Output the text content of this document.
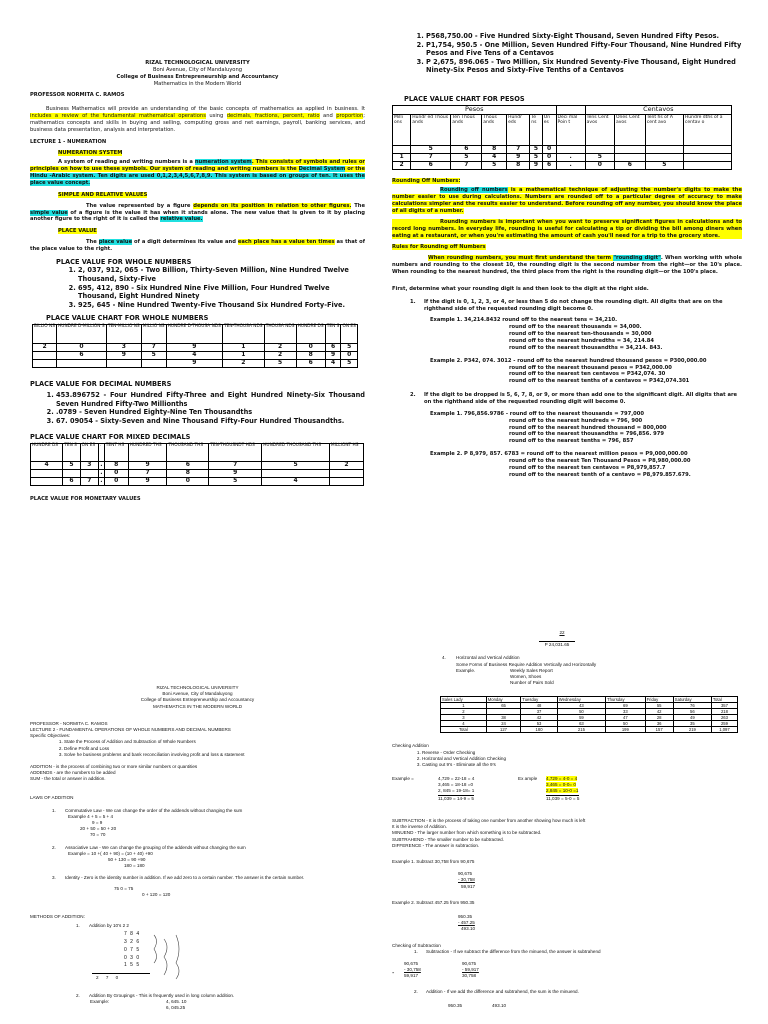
RIZAL TECHNOLOGICAL UNIVERSITY
Boni Avenue, City of Mandaluyong
College of Business Entrepreneurship and Accountancy
Mathematics in the Modern World
PROFESSOR NORMITA C. RAMOS

Business Mathematics will provide an understanding of the basic concepts of mathematics as applied in business. It includes a review of the fundamental mathematical operations using decimals, fractions, percent, ratio and proportion; mathematics concepts and skills in buying and selling, computing gross and net earnings, payroll, banking services, and business data presentation, analysis and interpretation.

LECTURE 1 - NUMERATION
NUMERATION SYSTEM

A system of reading and writing numbers is a numeration system. This consists of symbols and rules or principles on how to use these symbols. Our system of reading and writing numbers is the Decimal System or the Hindu -Arabic system. Ten digits are used 0,1,2,3,4,5,6,7,8,9. This system is based on groups of ten. It uses the place value concept.

SIMPLE AND RELATIVE VALUES

The value represented by a figure depends on its position in relation to other figures. The simple value of a figure is the value it has when it stands alone. The new value that is given to it by placing another figure to the right of it is called the relative value.

PLACE VALUE

The place value of a digit determines its value and each place has a value ten times as that of the place value to the right.

PLACE VALUE FOR WHOLE NUMBERS
1. 2, 037, 912, 065 - Two Billion, Thirty-Seven Million, Nine Hundred Twelve Thousand, Sixty-Five
2. 695, 412, 890 - Six Hundred Nine Five Million, Four Hundred Twelve Thousand, Eight Hundred Ninety
3. 925, 645 - Nine Hundred Twenty-Five Thousand Six Hundred Forty-Five.
PLACE VALUE CHART FOR WHOLE NUMBERS
BILLIO NS	HUNDRE D-MILLION S	TEN-MILLIO NS	MILLIO NS	HUNDRE D-THOUSA NDS	TEN-THOUSA NDS	THOUSA NDS	HUNDRE DS	TEN S	ON ES
2	0	3	7	9	1	2	0	6	5
	6	9	5	4	1	2	8	9	0
				9	2	5	6	4	5
PLACE VALUE FOR DECIMAL NUMBERS
1. 453.896752 - Four Hundred Fifty-Three and Eight Hundred Ninety-Six Thousand Seven Hundred Fifty-Two Millionths
2. .0789 - Seven Hundred Eighty-Nine Ten Thousandths
3. 67. 09054 - Sixty-Seven and Nine Thousand Fifty-Four Hundred Thousandths.
PLACE VALUE CHART FOR MIXED DECIMALS
HUNDRE DS	TEN S	ON ES	.	TENT HS	HUNDRED THS	THOUSAND THS	TEN-THOUSNDT HDS	HUNDRED THOUSAND THS	MILLIONT HS
4	5	3	.	8	9	6	7	5	2
			.	0	7	8	9		
	6	7	.	0	9	0	5	4	
PLACE VALUE FOR MONETARY VALUES
1. P568,750.00 - Five Hundred Sixty-Eight Thousand, Seven Hundred Fifty Pesos.
2. P1,754, 950.5 - One Million, Seven Hundred Fifty-Four Thousand, Nine Hundred Fifty Pesos and Five Tens of a Centavos
3. P 2,675, 896.065 - Two Million, Six Hundred Seventy-Five Thousand, Eight Hundred Ninety-Six Pesos and Sixty-Five Tenths of a Centavos
PLACE VALUE CHART FOR PESOS
Pesos								Centavos			
Milli ons	Hundr ed Thous ands	Ten Thous ands	Thous ands	Hundr eds	Te ns	On es	Deci mal Poin t	Tens Cent avos	Ones Cent avos	Tent hs of A cent avo	Hundre dths of a centav o
	5	6	8	7	5	0					
1	7	5	4	9	5	0	.	5			
2	6	7	5	8	9	6	.	0	6	5	
Rounding Off Numbers:

Rounding off numbers is a mathematical technique of adjusting the number's digits to make the number easier to use during calculations. Numbers are rounded off to a particular degree of accuracy to make calculations simpler and the results easier to understand. Before rounding off any number, you should know the place of all digits of a number.

Rounding numbers is important when you want to preserve significant figures in calculations and to record long numbers. In everyday life, rounding is useful for calculating a tip or dividing the bill among diners when eating at a restaurant, or when you're estimating the amount of cash you'll need for a trip to the grocery store.

Rules for Rounding off Numbers

When rounding numbers, you must first understand the term "rounding digit". When working with whole numbers and rounding to the closest 10, the rounding digit is the second number from the right—or the 10's place. When rounding to the nearest hundred, the third place from the right is the rounding digit—or the 100's place.

First, determine what your rounding digit is and then look to the digit at the right side.
1.	If the digit is 0, 1, 2, 3, or 4, or less than 5 do not change the rounding digit. All digits that are on the righthand side of the requested rounding digit become 0.
Example 1. 34,214.8432 round off to the nearest tens = 34,210.
round off to the nearest thousands = 34,000.
round off to the nearest ten-thousands = 30,000
round off to the nearest hundredths = 34, 214.84
round off to the nearest thousandths = 34,214. 843.
Example 2. P342, 074. 3012 - round off to the nearest hundred thousand pesos = P300,000.00
round off to the nearest thousand pesos = P342,000.00
round off to the nearest ten centavos = P342,074. 30
round off to the nearest tenths of a centavos = P342,074.301
2.	If the digit to be dropped is 5, 6, 7, 8, or 9, or more than add one to the significant digit. All digits that are on the righthand side of the requested rounding digit will become 0.
Example 1. 796,856.9786 - round off to the nearest thousands = 797,000
round off to the nearest hundreds = 796, 900
round off to the nearest hundred thousand = 800,000
round off to the nearest thousandths = 796,856. 979
round off to the nearest tenths = 796, 857
Example 2. P 8,979, 857. 6783 = round off to the nearest million pesos = P9,000,000.00
round off to the nearest Ten Thousand Pesos = P8,980,000.00
round off to the nearest ten centavos = P8,979,857.7
round off to the nearest tenth of a centavo = P8,979.857.679.
RIZAL TECHNOLOGICAL UNIVERSITY
Boni Avenue, City of Mandaluyong
College of Business Entrepreneurship and Accountancy
MATHEMATICS IN THE MODERN WORLD
PROFESSOR - NORMITA C. RAMOS
LECTURE 2 - FUNDAMENTAL OPERATIONS OF WHOLE NUMBERS AND DECIMAL NUMBERS
Specific Objectives:
1. State the Process of Addition and Subtraction of Whole Numbers
2. Define Profit and Loss
3. Solve he business problems and bank reconciliation involving profit and loss & statement
ADDITION - is the process of combining two or more similar numbers or quantities
ADDENDS - are the numbers to be added
SUM - the total or answer in addition.
LAWS OF ADDITION
1.	Commutative Law - We can change the order of the addends without changing the sum
Example 4 + 5 = 5 + 4
9 = 9
20 + 50 = 50 + 20
70 = 70
2.	Associative Law - We can change the grouping of the addends without changing the sum
Example = 10 +( 40 + 90) = (10 + 40) +90
50 + 130 = 90 +90
180 = 180
3.	Identity - Zero is the identity number in addition. If we add zero to a certain number. The answer is the certain number.
75 0 = 75
0 + 120 = 120
METHODS OF ADDITION:
1.	Addition by 10's 2 2
7 8 4
3 2 6
0 7 5
0 3 0
1 5 5
2 7 0
2.	Addition By Groupings - This is frequently used in long column addition.
Example:	4, 645. 10
6, 045.25
22
P 24,031.65
4.	Horizontal and Vertical Addition
Some Forms of Business Require Addition Vertically and Horizontally
Example.	Weekly Sales Report
Women, Shoes
Number of Pairs Sold
Sales Lady	Monday	Tuesday	Wednesday	Thursday	Friday	Saturday	Total
1	65	48	43	69	55	76	357
2		37	50	33	42	56	218
3	38	42	59	47	28	49	263
4	24	53	63	50	36	35	259
Total	127	180	215	199	157	219	1,097
Checking Addition
1. Reverse - Order Checking
2. Horizontal and Vertical Addition Checking
3. Casting out 9's - Eliminate all the 9's
Example =	4,729 = 22-18 = 4
3,465 = 18-18 =0
2, 845 = 19-18= 1
11,039 = 14-9 = 5
Ex ample 4,729 = 4-0 = 4
3,465 = 0-0= 0
2,845 = 10-0 =1
11,039 = 5-0 = 5
SUBTRACTION - It is the process of taking one number from another showing how much is left
It is the inverse of Addition.
MINUEND - The larger number from which something is to be subtracted.
SUBTRAHEND - The smaller number to be subtracted.
DIFFERENCE - The answer in subtraction.
Example 1. Subtract 30,758 from 90,675
90,675
- 30,758
59,917
Example 2. Subtract 457.25 from 950.35
950.35
- 457.25
493.10
Checking of Subtraction
1.	Subtraction - If we subtract the difference from the minuend, the answer is subtrahend
-
90,675
- 30,758
59,917
90,675
- 59,917
30,758
2.	Addition - If we add the difference and subtrahend, the sum is the minuend.
950.35	493.10
